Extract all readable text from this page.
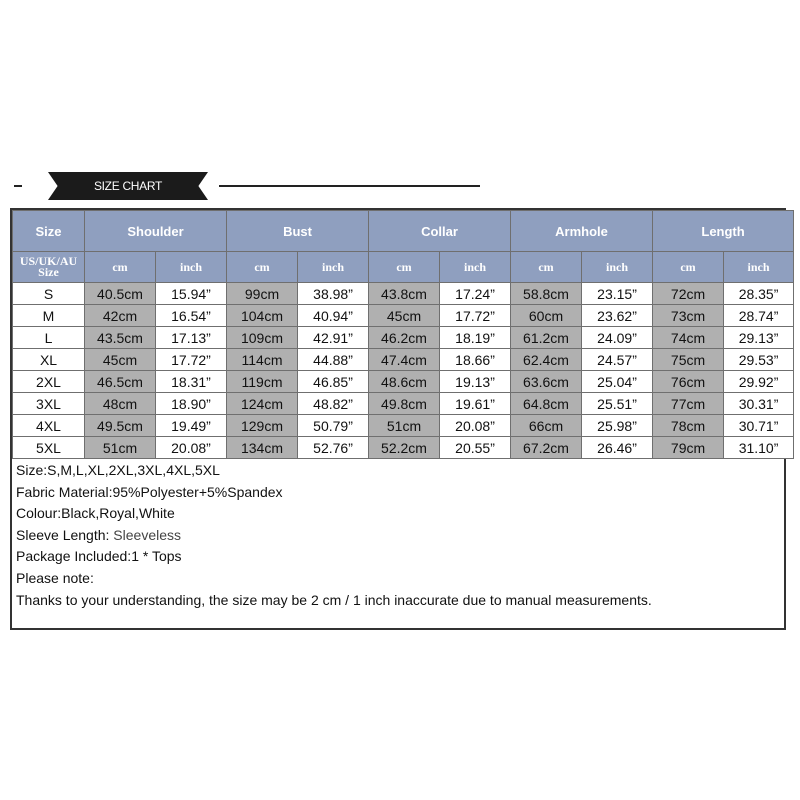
SIZE CHART
Size	Shoulder		Bust		Collar		Armhole		Length	

US/UK/AU
Size	cm	inch	cm	inch	cm	inch	cm	inch	cm	inch
S	40.5cm	15.94”	99cm	38.98”	43.8cm	17.24”	58.8cm	23.15”	72cm	28.35”
M	42cm	16.54”	104cm	40.94”	45cm	17.72”	60cm	23.62”	73cm	28.74”
L	43.5cm	17.13”	109cm	42.91”	46.2cm	18.19”	61.2cm	24.09”	74cm	29.13”
XL	45cm	17.72”	114cm	44.88”	47.4cm	18.66”	62.4cm	24.57”	75cm	29.53”
2XL	46.5cm	18.31”	119cm	46.85”	48.6cm	19.13”	63.6cm	25.04”	76cm	29.92”
3XL	48cm	18.90”	124cm	48.82”	49.8cm	19.61”	64.8cm	25.51”	77cm	30.31”
4XL	49.5cm	19.49”	129cm	50.79”	51cm	20.08”	66cm	25.98”	78cm	30.71”
5XL	51cm	20.08”	134cm	52.76”	52.2cm	20.55”	67.2cm	26.46”	79cm	31.10”
Size:S,M,L,XL,2XL,3XL,4XL,5XL
Fabric Material:95%Polyester+5%Spandex
Colour:Black,Royal,White
Sleeve Length: Sleeveless
Package Included:1 * Tops
Please note:
Thanks to your understanding, the size may be 2 cm / 1 inch inaccurate due to manual measurements.
